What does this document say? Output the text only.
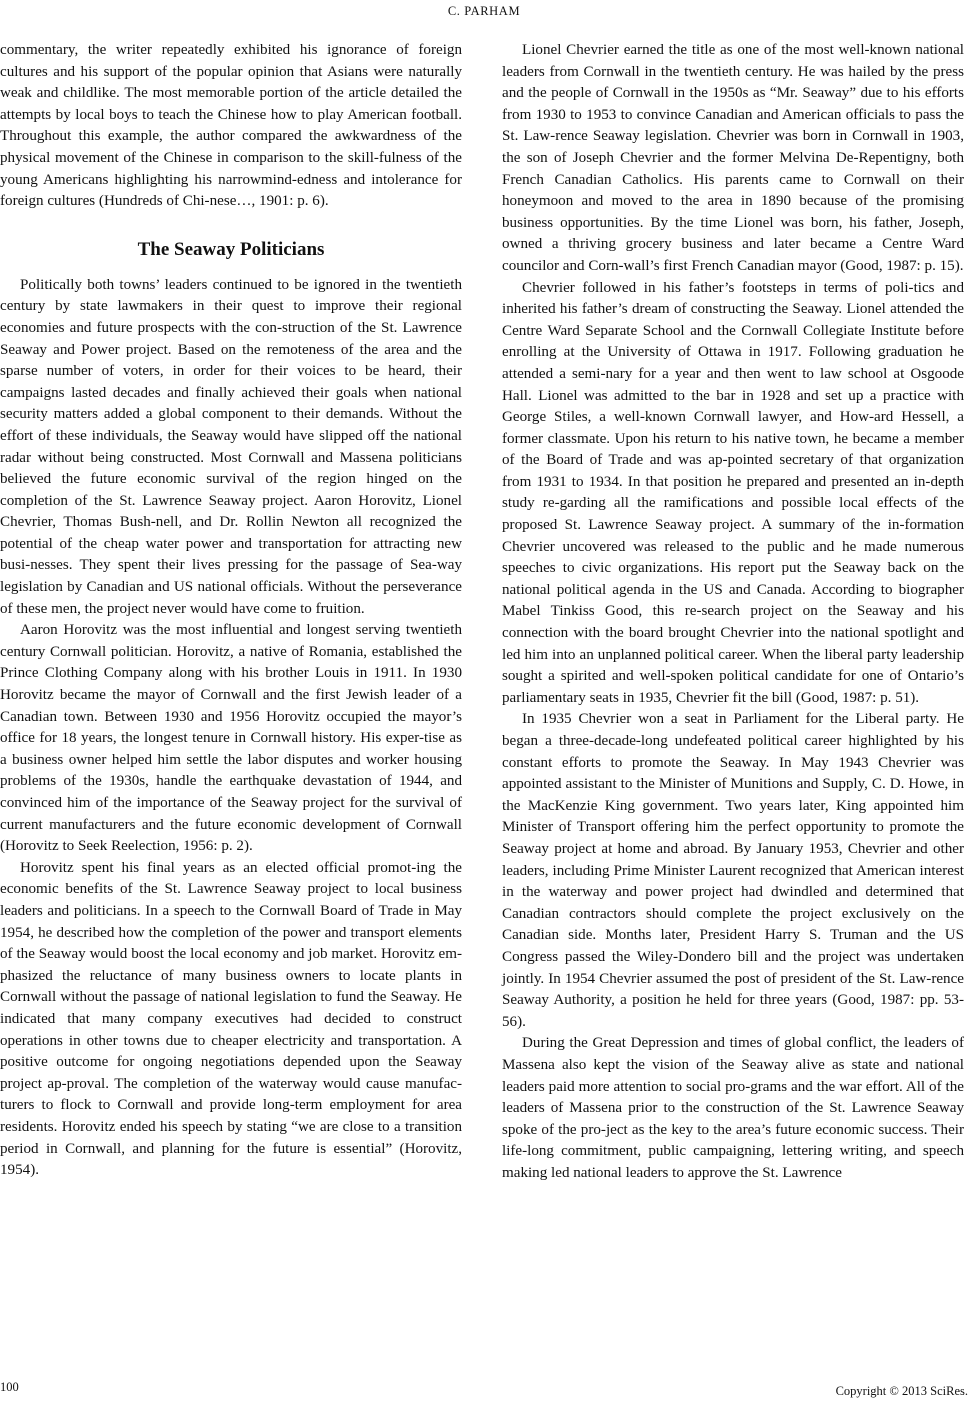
C. PARHAM

commentary, the writer repeatedly exhibited his ignorance of foreign cultures and his support of the popular opinion that Asians were naturally weak and childlike. The most memorable portion of the article detailed the attempts by local boys to teach the Chinese how to play American football. Throughout this example, the author compared the awkwardness of the physical movement of the Chinese in comparison to the skill-fulness of the young Americans highlighting his narrowmind-edness and intolerance for foreign cultures (Hundreds of Chi-nese…, 1901: p. 6).

The Seaway Politicians

Politically both towns’ leaders continued to be ignored in the twentieth century by state lawmakers in their quest to improve their regional economies and future prospects with the con-struction of the St. Lawrence Seaway and Power project. Based on the remoteness of the area and the sparse number of voters, in order for their voices to be heard, their campaigns lasted decades and finally achieved their goals when national security matters added a global component to their demands. Without the effort of these individuals, the Seaway would have slipped off the national radar without being constructed. Most Cornwall and Massena politicians believed the future economic survival of the region hinged on the completion of the St. Lawrence Seaway project. Aaron Horovitz, Lionel Chevrier, Thomas Bush-nell, and Dr. Rollin Newton all recognized the potential of the cheap water power and transportation for attracting new busi-nesses. They spent their lives pressing for the passage of Sea-way legislation by Canadian and US national officials. Without the perseverance of these men, the project never would have come to fruition.

Aaron Horovitz was the most influential and longest serving twentieth century Cornwall politician. Horovitz, a native of Romania, established the Prince Clothing Company along with his brother Louis in 1911. In 1930 Horovitz became the mayor of Cornwall and the first Jewish leader of a Canadian town. Between 1930 and 1956 Horovitz occupied the mayor’s office for 18 years, the longest tenure in Cornwall history. His exper-tise as a business owner helped him settle the labor disputes and worker housing problems of the 1930s, handle the earthquake devastation of 1944, and convinced him of the importance of the Seaway project for the survival of current manufacturers and the future economic development of Cornwall (Horovitz to Seek Reelection, 1956: p. 2).

Horovitz spent his final years as an elected official promot-ing the economic benefits of the St. Lawrence Seaway project to local business leaders and politicians. In a speech to the Cornwall Board of Trade in May 1954, he described how the completion of the power and transport elements of the Seaway would boost the local economy and job market. Horovitz em-phasized the reluctance of many business owners to locate plants in Cornwall without the passage of national legislation to fund the Seaway. He indicated that many company executives had decided to construct operations in other towns due to cheaper electricity and transportation. A positive outcome for ongoing negotiations depended upon the Seaway project ap-proval. The completion of the waterway would cause manufac-turers to flock to Cornwall and provide long-term employment for area residents. Horovitz ended his speech by stating “we are close to a transition period in Cornwall, and planning for the future is essential” (Horovitz, 1954).

Lionel Chevrier earned the title as one of the most well-known national leaders from Cornwall in the twentieth century. He was hailed by the press and the people of Cornwall in the 1950s as “Mr. Seaway” due to his efforts from 1930 to 1953 to convince Canadian and American officials to pass the St. Law-rence Seaway legislation. Chevrier was born in Cornwall in 1903, the son of Joseph Chevrier and the former Melvina De-Repentigny, both French Canadian Catholics. His parents came to Cornwall on their honeymoon and moved to the area in 1890 because of the promising business opportunities. By the time Lionel was born, his father, Joseph, owned a thriving grocery business and later became a Centre Ward councilor and Corn-wall’s first French Canadian mayor (Good, 1987: p. 15).

Chevrier followed in his father’s footsteps in terms of poli-tics and inherited his father’s dream of constructing the Seaway. Lionel attended the Centre Ward Separate School and the Cornwall Collegiate Institute before enrolling at the University of Ottawa in 1917. Following graduation he attended a semi-nary for a year and then went to law school at Osgoode Hall. Lionel was admitted to the bar in 1928 and set up a practice with George Stiles, a well-known Cornwall lawyer, and How-ard Hessell, a former classmate. Upon his return to his native town, he became a member of the Board of Trade and was ap-pointed secretary of that organization from 1931 to 1934. In that position he prepared and presented an in-depth study re-garding all the ramifications and possible local effects of the proposed St. Lawrence Seaway project. A summary of the in-formation Chevrier uncovered was released to the public and he made numerous speeches to civic organizations. His report put the Seaway back on the national political agenda in the US and Canada. According to biographer Mabel Tinkiss Good, this re-search project on the Seaway and his connection with the board brought Chevrier into the national spotlight and led him into an unplanned political career. When the liberal party leadership sought a spirited and well-spoken political candidate for one of Ontario’s parliamentary seats in 1935, Chevrier fit the bill (Good, 1987: p. 51).

In 1935 Chevrier won a seat in Parliament for the Liberal party. He began a three-decade-long undefeated political career highlighted by his constant efforts to promote the Seaway. In May 1943 Chevrier was appointed assistant to the Minister of Munitions and Supply, C. D. Howe, in the MacKenzie King government. Two years later, King appointed him Minister of Transport offering him the perfect opportunity to promote the Seaway project at home and abroad. By January 1953, Chevrier and other leaders, including Prime Minister Laurent recognized that American interest in the waterway and power project had dwindled and determined that Canadian contractors should complete the project exclusively on the Canadian side. Months later, President Harry S. Truman and the US Congress passed the Wiley-Dondero bill and the project was undertaken jointly. In 1954 Chevrier assumed the post of president of the St. Law-rence Seaway Authority, a position he held for three years (Good, 1987: pp. 53-56).

During the Great Depression and times of global conflict, the leaders of Massena also kept the vision of the Seaway alive as state and national leaders paid more attention to social pro-grams and the war effort. All of the leaders of Massena prior to the construction of the St. Lawrence Seaway spoke of the pro-ject as the key to the area’s future economic success. Their life-long commitment, public campaigning, lettering writing, and speech making led national leaders to approve the St. Lawrence

100	Copyright © 2013 SciRes.
